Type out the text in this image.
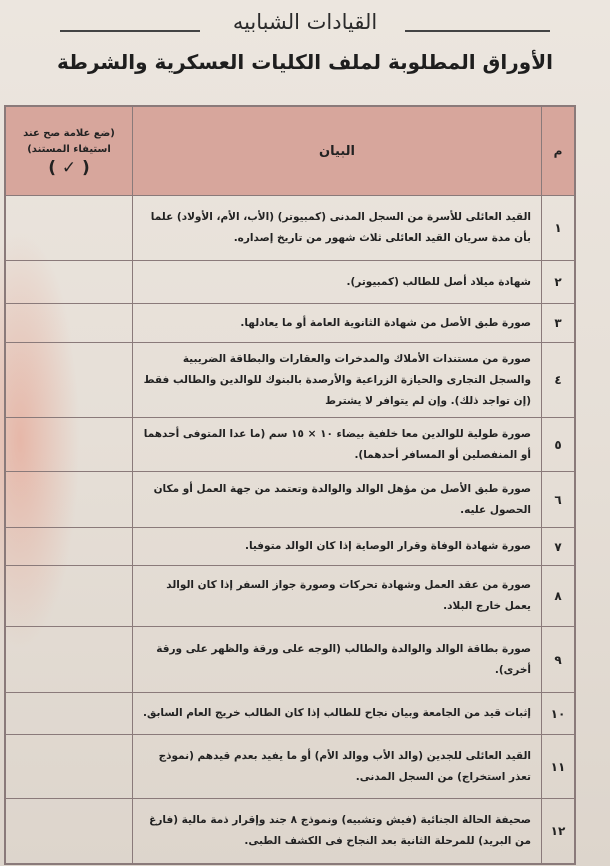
القيادات الشبابيه
الأوراق المطلوبة لملف الكليات العسكرية والشرطة
م
البيان
(ضع علامة صح عند
استيفاء المستند)
( ✓ )
١
القيد العائلى للأسرة من السجل المدنى (كمبيوتر) (الأب، الأم، الأولاد) علما بأن مدة سريان القيد العائلى ثلاث شهور من تاريخ إصداره.
٢
شهادة ميلاد أصل للطالب (كمبيوتر).
٣
صورة طبق الأصل من شهادة الثانوية العامة أو ما يعادلها.
٤
صورة من مستندات الأملاك والمدخرات والعقارات والبطاقة الضريبية والسجل التجارى والحيازة الزراعية والأرصدة بالبنوك للوالدين والطالب فقط (إن تواجد ذلك). وإن لم يتوافر لا يشترط
٥
صورة طولية للوالدين معا خلفية بيضاء ١٠ × ١٥ سم (ما عدا المتوفى أحدهما أو المنفصلين أو المسافر أحدهما).
٦
صورة طبق الأصل من مؤهل الوالد والوالدة وتعتمد من جهة العمل أو مكان الحصول عليه.
٧
صورة شهادة الوفاة وقرار الوصاية إذا كان الوالد متوفيا.
٨
صورة من عقد العمل وشهادة تحركات وصورة جواز السفر إذا كان الوالد يعمل خارج البلاد.
٩
صورة بطاقة الوالد والوالدة والطالب (الوجه على ورقة والظهر على ورقة أخرى).
١٠
إثبات قيد من الجامعة وبيان نجاح للطالب إذا كان الطالب خريج العام السابق.
١١
القيد العائلى للجدين (والد الأب ووالد الأم) أو ما يفيد بعدم قيدهم (نموذج تعذر استخراج) من السجل المدنى.
١٢
صحيفة الحالة الجنائية (فيش وتشبيه) ونموذج ٨ جند وإقرار ذمة مالية (فارغ من البريد) للمرحلة الثانية بعد النجاح فى الكشف الطبى.
